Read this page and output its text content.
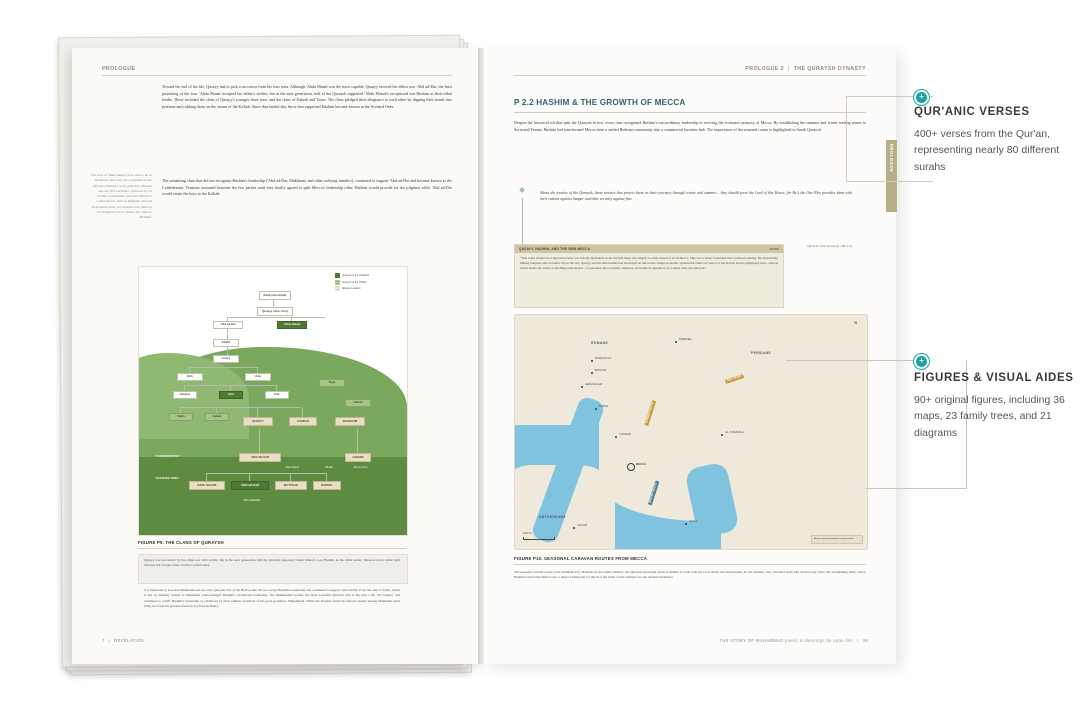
PROLOGUE
Toward the end of his life, Qusayy had to pick a successor from his four sons. Although 'Abdu Manaf was the most capable, Qusayy favored his eldest son, 'Abd ad-Dar, the least promising of the four. 'Abdu Manaf accepted his father's wishes, but in the next generation, half of the Quraysh supported 'Abdu Manaf's exceptional son Hashim as their tribal leader. These included the clans of Qusayy's younger three sons, and the clans of Zuhrah and Taym. The clans pledged their allegiance to each other by dipping their hands into perfume and rubbing them on the stones of the Ka'bah. Since that fateful day, those that supported Hashim became known as the Scented Ones.
The remaining clans that did not recognize Hashim's leadership ('Abd ad-Dar, Makhzum, and other outlying families), continued to support 'Abd ad-Dar and became known as the Confederates. Tensions mounted between the two parties until they finally agreed to split Mecca's leadership roles: Hashim would provide for the pilgrims while 'Abd ad-Dar would retain the keys to the Ka'bah.
The sons of 'Abdu Manaf were said to be so handsome that they were regarded as the official caretakers of the pilgrims. Hashim was the first caretaker, followed by his brother al-Muttalib, and then Hashim's orphaned son 'Abd al-Muttalib. Several generations later, the position was filled by the Prophet's uncle 'Abbas ibn 'Abd al-Muttalib.
Quraysh of the Outskirts
Quraysh of the Hollow
Alliance Leaders
Kilab (Abu Kilab)
Qusayy (Abu 'Amr)
'Abd ad-Dar	'Abdu Manaf
Ghalib
Lu'ayy
Ka'b	'Amir
Husayis	Sa'd	Fihr
Taym
Zuhrah
Sahm	Jumah
QUSAYY	ZUHRAH	MAKHZUM
'ABD AD-DAR
BANU SHAMS	'ABD AD-DAR	MUTTALIB	NAWFAL
HASHIM
"CONFEDERATES"
"SCENTED ONES"
'Abdu Manaf	Nawfal	'Abd al-'Uzza
'Abd al-Muttalib
FIGURE P9. THE CLANS OF QURAYSH
Qusayy was succeeded by his eldest son 'Abd ad-Dar, but in the next generation, half the Quraysh supported 'Abdu Manaf's son, Hashim, as the tribal leader. Tensions led to initial split between the Scented Ones and the Confederates.
It is important to note that Makhzum was the only Quraysh clan of the Hollow that did not accept Hashim's leadership and continued to support 'Abd ad-Dar. Even the clan of Taym, which is just as distantly related as Makhzum, acknowledged Hashim's exceptional leadership. The Makhzumis became the most powerful Quraysh clan at the turn o the 7th Century, and continued to rebuff Hashim's leadership as evidenced by their ruthless treatment of his great-grandson, Muhammad. While the Prophet found his fiercest enemy among Makhzum (Abu Jahl), he found his greatest friend in Taym (Abu Bakr).
7  ◇  REVELATION
PROLOGUE 2  |  THE QURAYSH DYNASTY
P 2.2 HASHIM & THE GROWTH OF MECCA
Despite the historical rift that split the Quraysh in two, every clan recognized Hashim's extraordinary leadership in reviving the economic primacy of Mecca. By establishing the summer and winter trading routes to Syria and Yemen, Hashim had transformed Mecca from a settled Bedouin community into a commercial business hub. The importance of the seasonal routes is highlighted in Surah Quraysh:
About the treaties of the Quraysh, those treaties that protect them on their journeys through winter and summer – they should serve the Lord of this House, for He's the One Who provides them with their rations against hunger and their security against fear.
Quraysh (The Quraysh, 106:1-4)
QUSAYY, HASHIM, AND THE NEW MECCA	ASIDE
"This trade, modest as it may have been, was wholly dependent on the Ka'bah; there was simply no other reason to be in Mecca. This was a desert wasteland that produced nothing. By inextricably linking religious and economic life in the city, Qusayy and his descendants had developed an innovative religio-economic system that relied on control of the Ka'bah and its pilgrimage rites—rites in which nearly the whole of the Hijaz participated—to guarantee the economic, religious, and political supremacy of a single tribe, the Quraysh."
N
ROMANS
PERSIANS
ABYSSINIANS
NINEVEH
DAMASCUS
BOSTRA
JERUSALEM
TABUK
YATHRIB
AL-YAMAMAH
MECCA
AKSUM
SAN'A
SILK ROAD
SUMMER ROUTE
WINTER ROUTE
1200 mi
Arrows represent popular caravan routes
FIGURE P10. SEASONAL CARAVAN ROUTES FROM MECCA
The seasonal caravan routes were established by Hashim. In the winter months, the Quraysh journeyed south to Yemen to trade with the local Arabs and Abyssinians. In the summer, they travelled north into modern day Syria. By establishing these routes, Hashim transformed Mecca into a major trading hub for much of the north-south commerce in the Arabian Peninsula.
THE STORY OF MUHAMMAD poetic & blessings be upon him  ◇  36
PROLOGUE
+
QUR'ANIC VERSES
400+ verses from the Qur'an, representing nearly 80 different surahs
+
FIGURES & VISUAL AIDES
90+ original figures, including 36 maps, 23 family trees, and 21 diagrams
